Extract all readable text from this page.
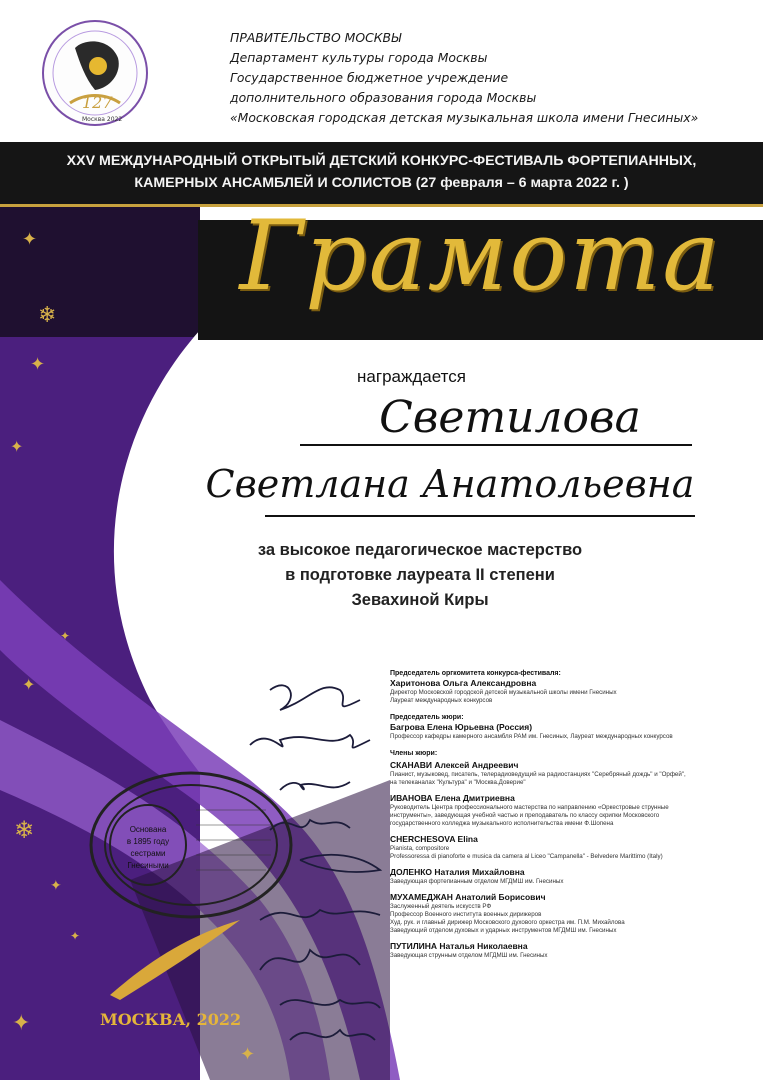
✦
❄
✦
✦
✦
✦
❄
✦
✦
✦
✦
127
Москва 2022
ПРАВИТЕЛЬСТВО МОСКВЫ
Департамент культуры города Москвы
Государственное бюджетное учреждение
дополнительного образования города Москвы
«Московская городская детская музыкальная школа имени Гнесиных»
XXV МЕЖДУНАРОДНЫЙ ОТКРЫТЫЙ ДЕТСКИЙ КОНКУРС-ФЕСТИВАЛЬ ФОРТЕПИАННЫХ,
КАМЕРНЫХ АНСАМБЛЕЙ И СОЛИСТОВ (27 февраля – 6 марта 2022 г. )
Грамота
награждается
Светилова
Светлана Анатольевна
за высокое педагогическое мастерство
в подготовке лауреата II степени
Зевахиной Киры
Основана
в 1895 году
сестрами
Гнесиными
Председатель оргкомитета конкурса-фестиваля:
Харитонова Ольга Александровна
Директор Московской городской детской музыкальной школы имени Гнесиных
Лауреат международных конкурсов
Председатель жюри:
Багрова Елена Юрьевна (Россия)
Профессор кафедры камерного ансамбля РАМ им. Гнесиных, Лауреат международных конкурсов
Члены жюри:
СКАНАВИ Алексей Андреевич
Пианист, музыковед, писатель, телерадиоведущий на радиостанциях "Серебряный дождь" и "Орфей",
на телеканалах "Культура" и "Москва.Доверие"
ИВАНОВА Елена Дмитриевна
Руководитель Центра профессионального мастерства по направлению «Оркестровые струнные
инструменты», заведующая учебной частью и преподаватель по классу скрипки Московского
государственного колледжа музыкального исполнительства имени Ф.Шопена
CHERCHESOVA Elina
Pianista, compositore
Professoressa di pianoforte e musica da camera al Liceo "Campanella" - Belvedere Marittimo (Italy)
ДОЛЕНКО Наталия Михайловна
Заведующая фортепианным отделом МГДМШ им. Гнесиных
МУХАМЕДЖАН Анатолий Борисович
Заслуженный деятель искусств РФ
Профессор Военного института военных дирижеров
Худ. рук. и главный дирижер Московского духового оркестра им. П.М. Михайлова
Заведующий отделом духовых и ударных инструментов МГДМШ им. Гнесиных
ПУТИЛИНА Наталья Николаевна
Заведующая струнным отделом МГДМШ им. Гнесиных
МОСКВА, 2022
